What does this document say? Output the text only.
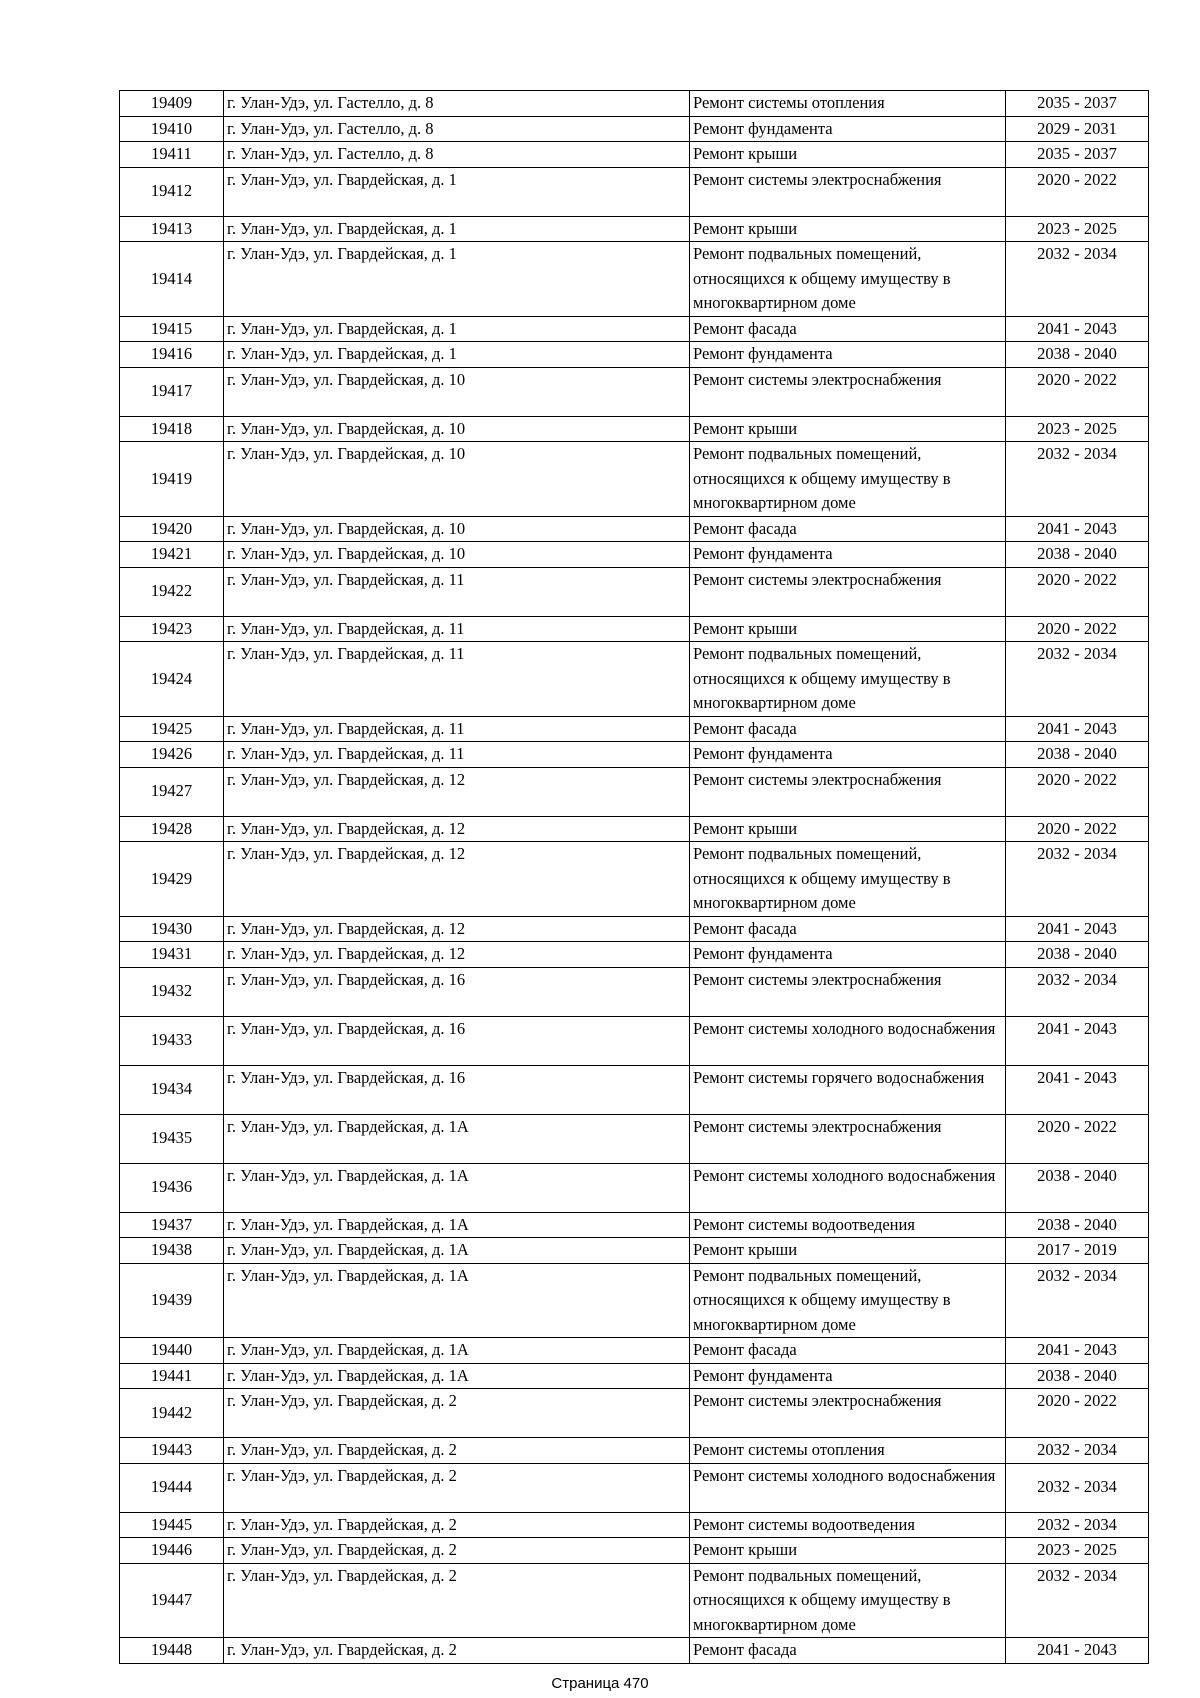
19409	г. Улан-Удэ, ул. Гастелло, д. 8	Ремонт системы отопления	2035 - 2037
19410	г. Улан-Удэ, ул. Гастелло, д. 8	Ремонт фундамента	2029 - 2031
19411	г. Улан-Удэ, ул. Гастелло, д. 8	Ремонт крыши	2035 - 2037
19412	г. Улан-Удэ, ул. Гвардейская, д. 1	Ремонт системы электроснабжения	2020 - 2022
19413	г. Улан-Удэ, ул. Гвардейская, д. 1	Ремонт крыши	2023 - 2025
19414	г. Улан-Удэ, ул. Гвардейская, д. 1	Ремонт подвальных помещений, относящихся к общему имуществу в многоквартирном доме	2032 - 2034
19415	г. Улан-Удэ, ул. Гвардейская, д. 1	Ремонт фасада	2041 - 2043
19416	г. Улан-Удэ, ул. Гвардейская, д. 1	Ремонт фундамента	2038 - 2040
19417	г. Улан-Удэ, ул. Гвардейская, д. 10	Ремонт системы электроснабжения	2020 - 2022
19418	г. Улан-Удэ, ул. Гвардейская, д. 10	Ремонт крыши	2023 - 2025
19419	г. Улан-Удэ, ул. Гвардейская, д. 10	Ремонт подвальных помещений, относящихся к общему имуществу в многоквартирном доме	2032 - 2034
19420	г. Улан-Удэ, ул. Гвардейская, д. 10	Ремонт фасада	2041 - 2043
19421	г. Улан-Удэ, ул. Гвардейская, д. 10	Ремонт фундамента	2038 - 2040
19422	г. Улан-Удэ, ул. Гвардейская, д. 11	Ремонт системы электроснабжения	2020 - 2022
19423	г. Улан-Удэ, ул. Гвардейская, д. 11	Ремонт крыши	2020 - 2022
19424	г. Улан-Удэ, ул. Гвардейская, д. 11	Ремонт подвальных помещений, относящихся к общему имуществу в многоквартирном доме	2032 - 2034
19425	г. Улан-Удэ, ул. Гвардейская, д. 11	Ремонт фасада	2041 - 2043
19426	г. Улан-Удэ, ул. Гвардейская, д. 11	Ремонт фундамента	2038 - 2040
19427	г. Улан-Удэ, ул. Гвардейская, д. 12	Ремонт системы электроснабжения	2020 - 2022
19428	г. Улан-Удэ, ул. Гвардейская, д. 12	Ремонт крыши	2020 - 2022
19429	г. Улан-Удэ, ул. Гвардейская, д. 12	Ремонт подвальных помещений, относящихся к общему имуществу в многоквартирном доме	2032 - 2034
19430	г. Улан-Удэ, ул. Гвардейская, д. 12	Ремонт фасада	2041 - 2043
19431	г. Улан-Удэ, ул. Гвардейская, д. 12	Ремонт фундамента	2038 - 2040
19432	г. Улан-Удэ, ул. Гвардейская, д. 16	Ремонт системы электроснабжения	2032 - 2034
19433	г. Улан-Удэ, ул. Гвардейская, д. 16	Ремонт системы холодного водоснабжения	2041 - 2043
19434	г. Улан-Удэ, ул. Гвардейская, д. 16	Ремонт системы горячего водоснабжения	2041 - 2043
19435	г. Улан-Удэ, ул. Гвардейская, д. 1А	Ремонт системы электроснабжения	2020 - 2022
19436	г. Улан-Удэ, ул. Гвардейская, д. 1А	Ремонт системы холодного водоснабжения	2038 - 2040
19437	г. Улан-Удэ, ул. Гвардейская, д. 1А	Ремонт системы водоотведения	2038 - 2040
19438	г. Улан-Удэ, ул. Гвардейская, д. 1А	Ремонт крыши	2017 - 2019
19439	г. Улан-Удэ, ул. Гвардейская, д. 1А	Ремонт подвальных помещений, относящихся к общему имуществу в многоквартирном доме	2032 - 2034
19440	г. Улан-Удэ, ул. Гвардейская, д. 1А	Ремонт фасада	2041 - 2043
19441	г. Улан-Удэ, ул. Гвардейская, д. 1А	Ремонт фундамента	2038 - 2040
19442	г. Улан-Удэ, ул. Гвардейская, д. 2	Ремонт системы электроснабжения	2020 - 2022
19443	г. Улан-Удэ, ул. Гвардейская, д. 2	Ремонт системы отопления	2032 - 2034
19444	г. Улан-Удэ, ул. Гвардейская, д. 2	Ремонт системы холодного водоснабжения	2032 - 2034
19445	г. Улан-Удэ, ул. Гвардейская, д. 2	Ремонт системы водоотведения	2032 - 2034
19446	г. Улан-Удэ, ул. Гвардейская, д. 2	Ремонт крыши	2023 - 2025
19447	г. Улан-Удэ, ул. Гвардейская, д. 2	Ремонт подвальных помещений, относящихся к общему имуществу в многоквартирном доме	2032 - 2034
19448	г. Улан-Удэ, ул. Гвардейская, д. 2	Ремонт фасада	2041 - 2043
Страница 470
